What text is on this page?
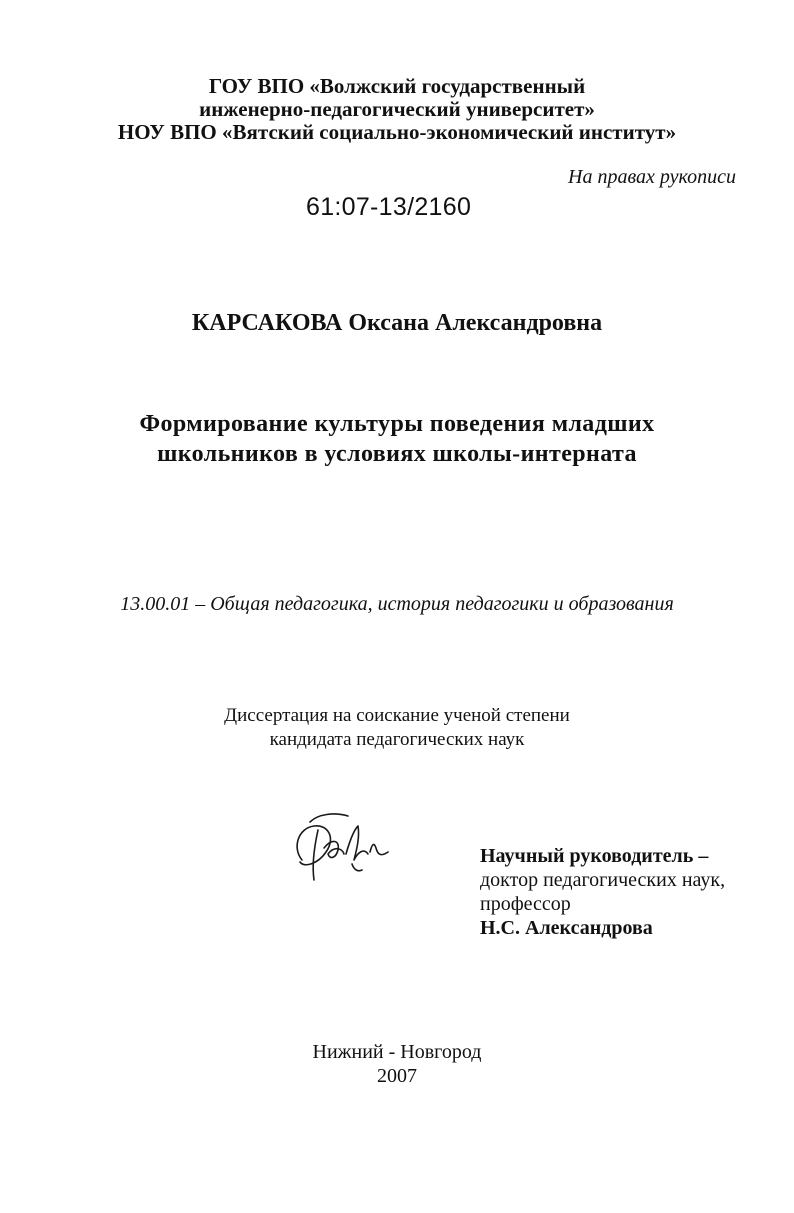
ГОУ ВПО «Волжский государственный
инженерно-педагогический университет»
НОУ ВПО «Вятский социально-экономический институт»
На правах рукописи
61:07-13/2160
КАРСАКОВА Оксана Александровна
Формирование культуры поведения младших
школьников в условиях школы-интерната
13.00.01 – Общая педагогика, история педагогики и образования
Диссертация на соискание ученой степени
кандидата педагогических наук
Научный руководитель –
доктор педагогических наук,
профессор
Н.С. Александрова
Нижний - Новгород
2007
